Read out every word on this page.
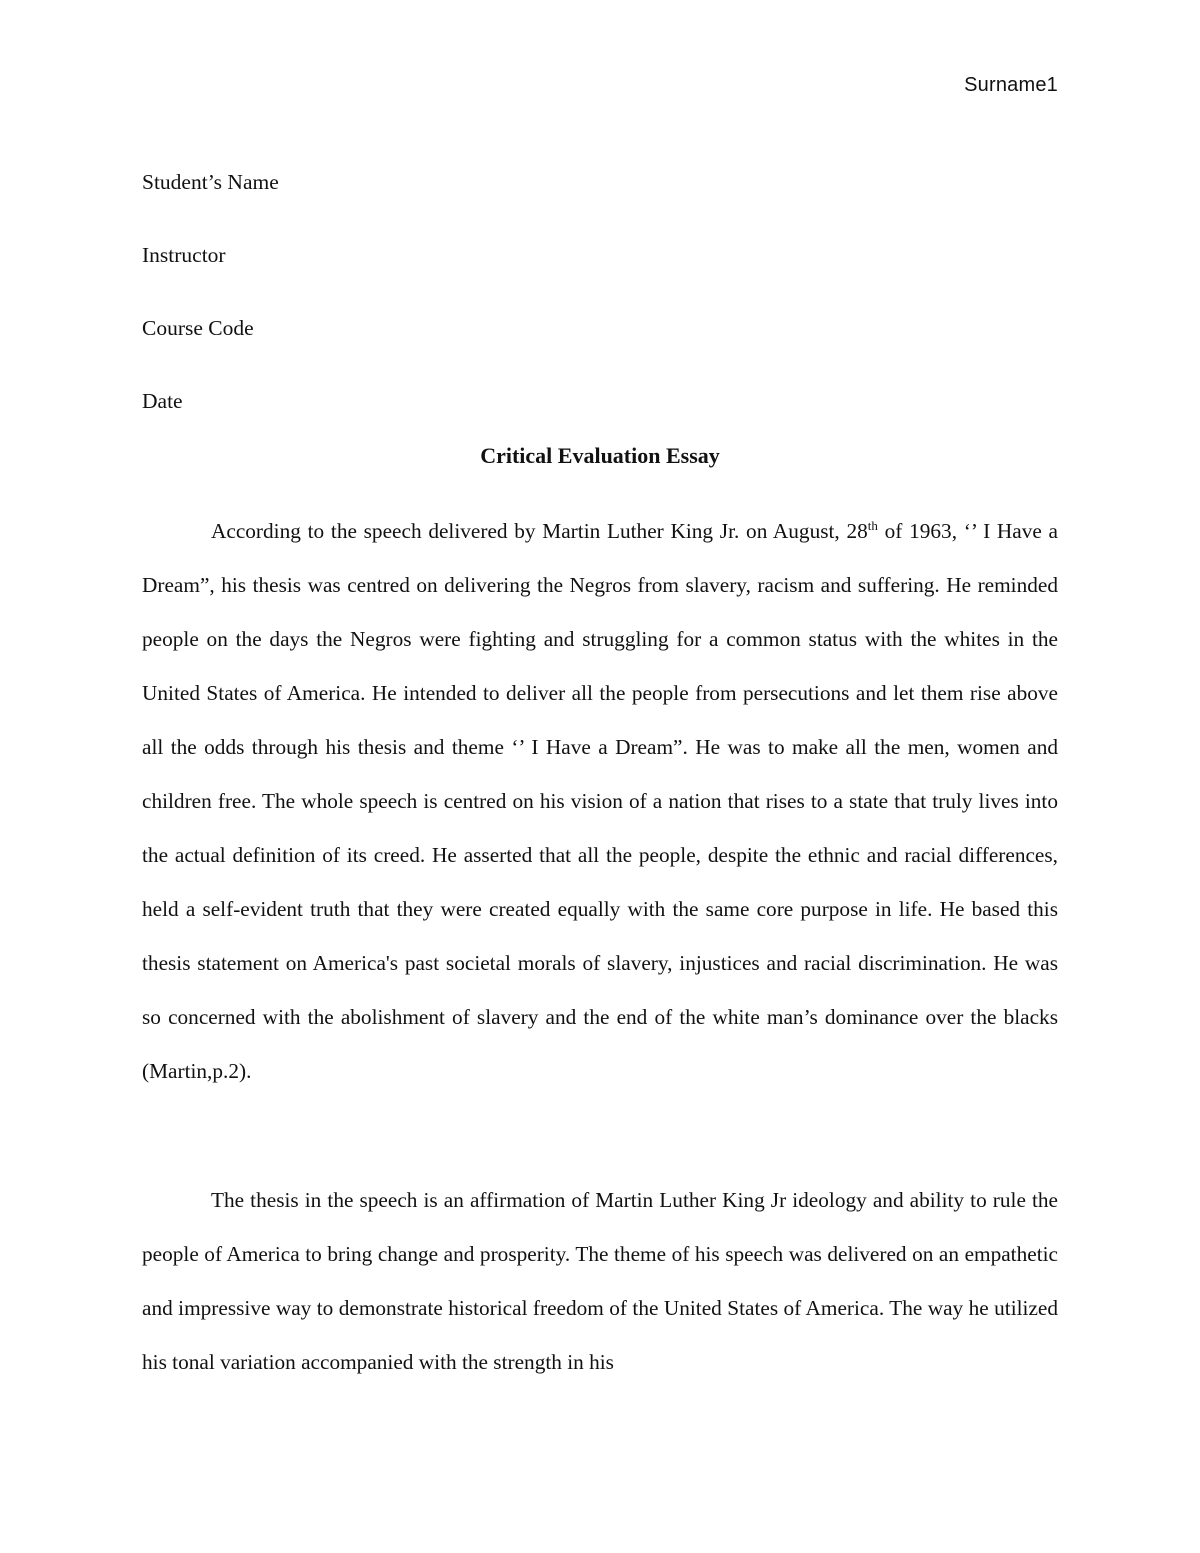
Surname1
Student’s Name
Instructor
Course Code
Date
Critical Evaluation Essay

According to the speech delivered by Martin Luther King Jr. on August, 28th of 1963, ‘’ I Have a Dream”, his thesis was centred on delivering the Negros from slavery, racism and suffering. He reminded people on the days the Negros were fighting and struggling for a common status with the whites in the United States of America. He intended to deliver all the people from persecutions and let them rise above all the odds through his thesis and theme ‘’ I Have a Dream”. He was to make all the men, women and children free. The whole speech is centred on his vision of a nation that rises to a state that truly lives into the actual definition of its creed. He asserted that all the people, despite the ethnic and racial differences, held a self-evident truth that they were created equally with the same core purpose in life. He based this thesis statement on America's past societal morals of slavery, injustices and racial discrimination. He was so concerned with the abolishment of slavery and the end of the white man’s dominance over the blacks (Martin,p.2).

The thesis in the speech is an affirmation of Martin Luther King Jr ideology and ability to rule the people of America to bring change and prosperity. The theme of his speech was delivered on an empathetic and impressive way to demonstrate historical freedom of the United States of America. The way he utilized his tonal variation accompanied with the strength in his
